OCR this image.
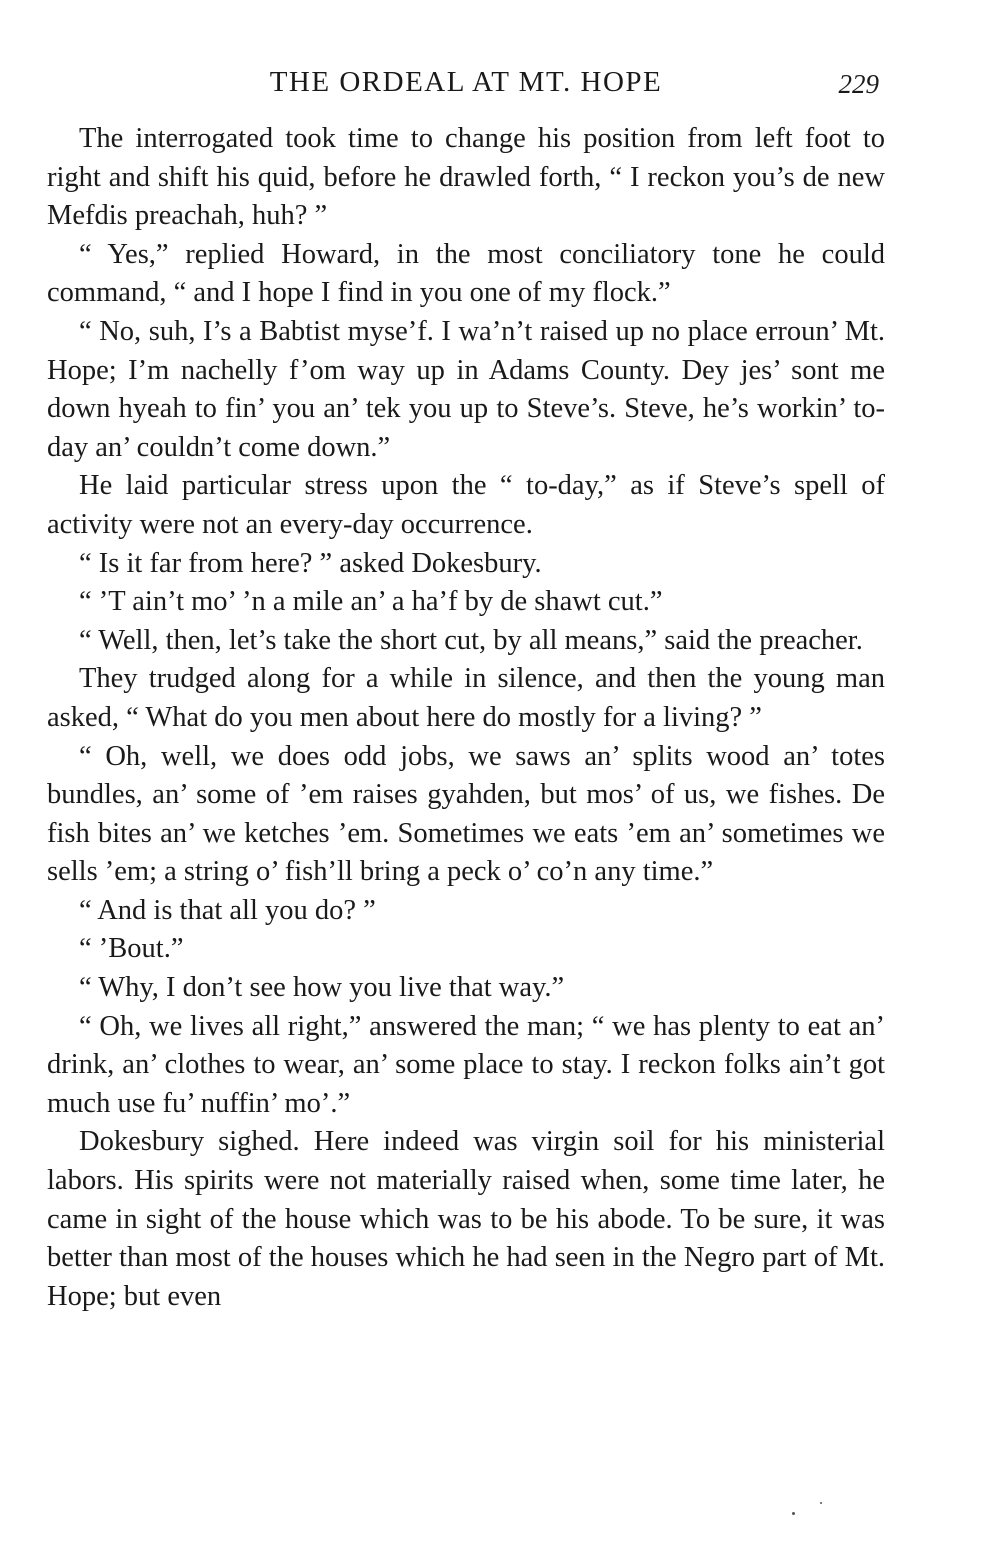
THE ORDEAL AT MT. HOPE	229

The interrogated took time to change his position from left foot to right and shift his quid, before he drawled forth, “ I reckon you’s de new Mefdis preachah, huh? ”

“ Yes,” replied Howard, in the most conciliatory tone he could command, “ and I hope I find in you one of my flock.”

“ No, suh, I’s a Babtist myse’f. I wa’n’t raised up no place erroun’ Mt. Hope; I’m nachelly f’om way up in Adams County. Dey jes’ sont me down hyeah to fin’ you an’ tek you up to Steve’s. Steve, he’s workin’ to-day an’ couldn’t come down.”

He laid particular stress upon the “ to-day,” as if Steve’s spell of activity were not an every-day occurrence.

“ Is it far from here? ” asked Dokesbury.

“ ’T ain’t mo’ ’n a mile an’ a ha’f by de shawt cut.”

“ Well, then, let’s take the short cut, by all means,” said the preacher.

They trudged along for a while in silence, and then the young man asked, “ What do you men about here do mostly for a living? ”

“ Oh, well, we does odd jobs, we saws an’ splits wood an’ totes bundles, an’ some of ’em raises gyahden, but mos’ of us, we fishes. De fish bites an’ we ketches ’em. Sometimes we eats ’em an’ sometimes we sells ’em; a string o’ fish’ll bring a peck o’ co’n any time.”

“ And is that all you do? ”

“ ’Bout.”

“ Why, I don’t see how you live that way.”

“ Oh, we lives all right,” answered the man; “ we has plenty to eat an’ drink, an’ clothes to wear, an’ some place to stay. I reckon folks ain’t got much use fu’ nuffin’ mo’.”

Dokesbury sighed. Here indeed was virgin soil for his ministerial labors. His spirits were not materially raised when, some time later, he came in sight of the house which was to be his abode. To be sure, it was better than most of the houses which he had seen in the Negro part of Mt. Hope; but even
